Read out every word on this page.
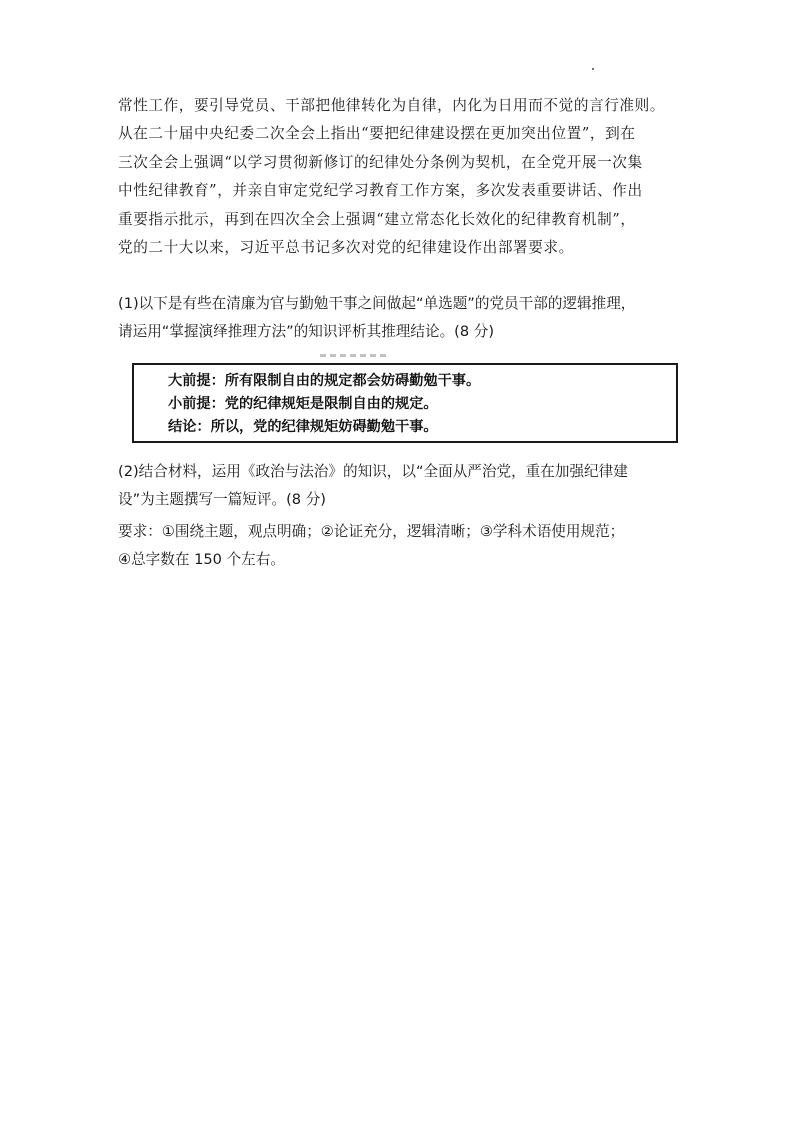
常性工作，要引导党员、干部把他律转化为自律，内化为日用而不觉的言行准则。
从在二十届中央纪委二次全会上指出“要把纪律建设摆在更加突出位置”，到在
三次全会上强调“以学习贯彻新修订的纪律处分条例为契机，在全党开展一次集
中性纪律教育”，并亲自审定党纪学习教育工作方案，多次发表重要讲话、作出
重要指示批示，再到在四次全会上强调“建立常态化长效化的纪律教育机制”，
党的二十大以来，习近平总书记多次对党的纪律建设作出部署要求。
(1)以下是有些在清廉为官与勤勉干事之间做起“单选题”的党员干部的逻辑推理，
请运用“掌握演绎推理方法”的知识评析其推理结论。(8 分)
大前提：所有限制自由的规定都会妨碍勤勉干事。
小前提：党的纪律规矩是限制自由的规定。
结论：所以，党的纪律规矩妨碍勤勉干事。
(2)结合材料，运用《政治与法治》的知识，以“全面从严治党，重在加强纪律建
设”为主题撰写一篇短评。(8 分)
要求：①围绕主题，观点明确；②论证充分，逻辑清晰；③学科术语使用规范；
④总字数在 150 个左右。
